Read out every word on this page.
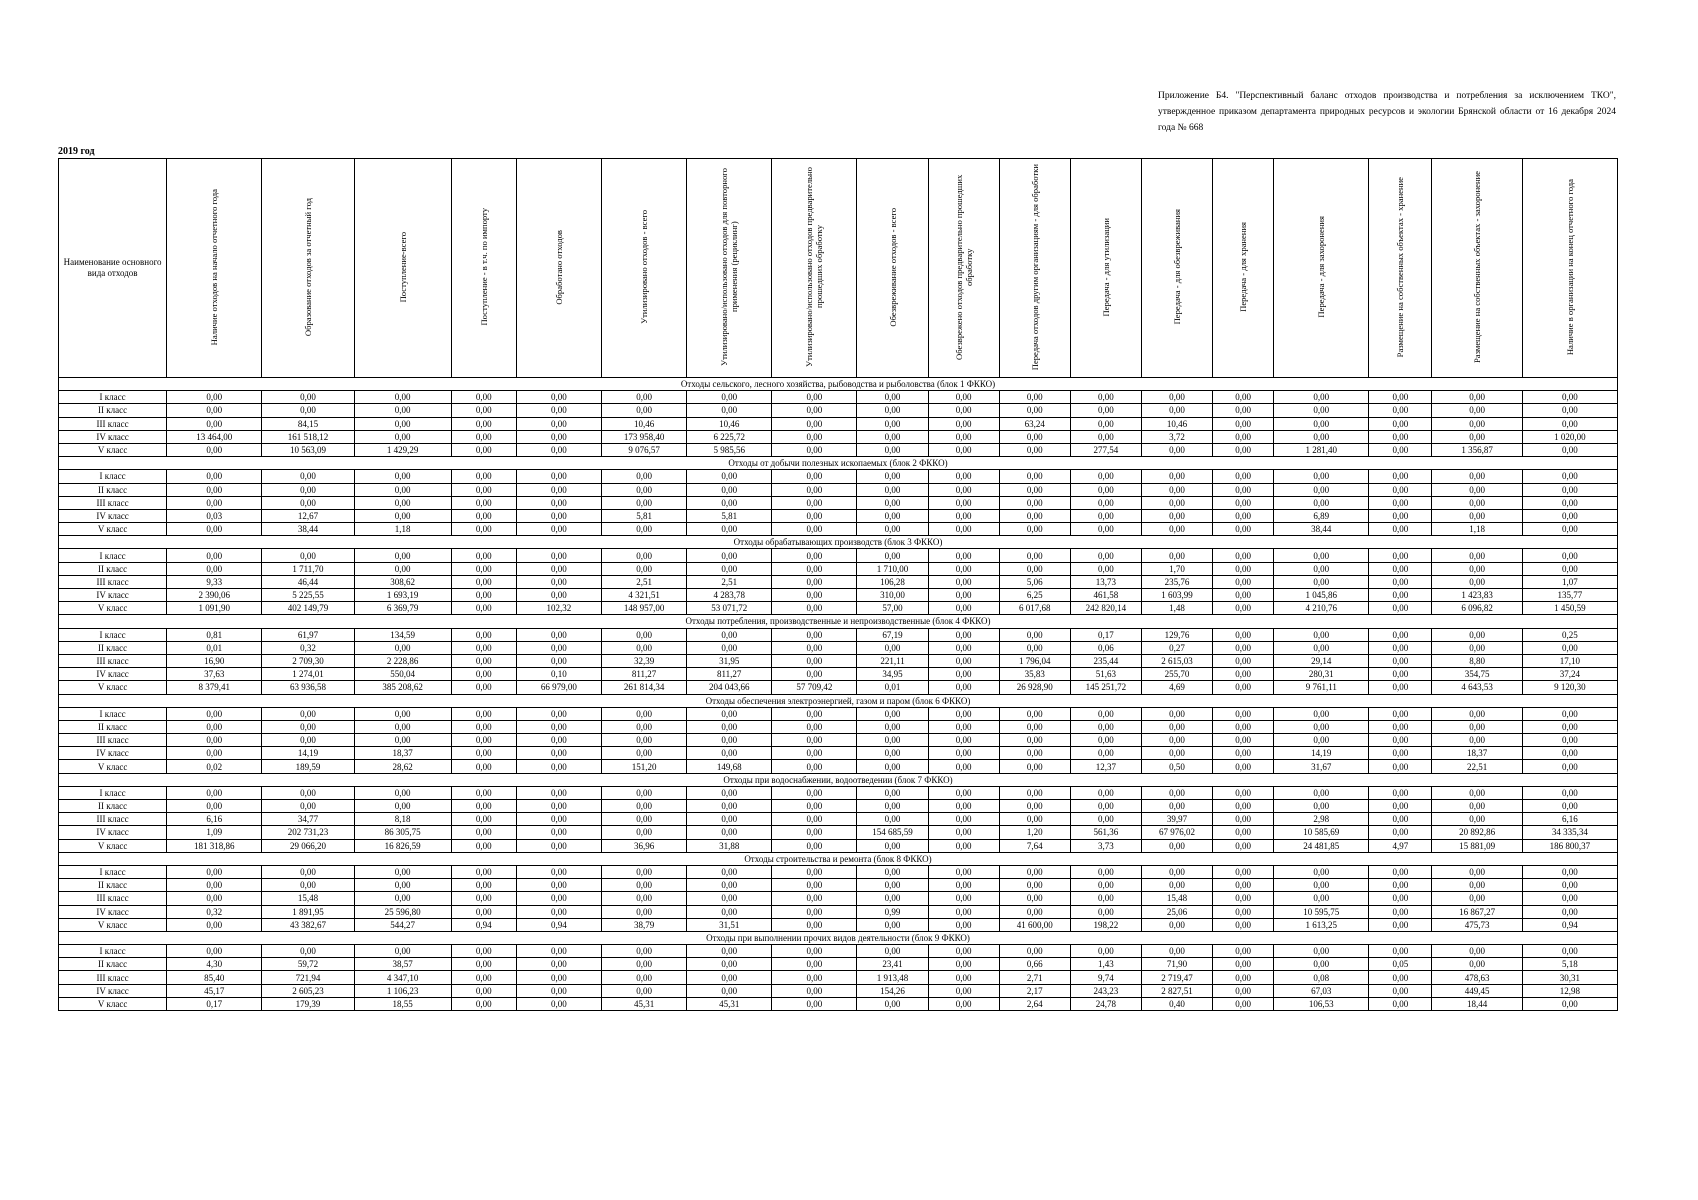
Приложение Б4. "Перспективный баланс отходов производства и потребления за исключением ТКО", утвержденное приказом департамента природных ресурсов и экологии Брянской области от 16 декабря 2024 года № 668
2019 год
Наименование основного вида отходов	Наличие отходов на начало отчетного года	Образование отходов за отчетный год	Поступление-всего	Поступление - в т.ч. по импорту	Обработано отходов	Утилизировано отходов - всего	Утилизировано/использовано отходов для повторного применения (рециклинг)	Утилизировано/использовано отходов предварительно прошедших обработку	Обезвреживание отходов - всего	Обезврежено отходов предварительно прошедших обработку	Передача отходов другим организациям - для обработки	Передача - для утилизации	Передача - для обезвреживания	Передача - для хранения	Передача - для захоронения	Размещение на собственных объектах - хранение	Размещение на собственных объектах - захоронение	Наличие в организации на конец отчетного года
Отходы сельского, лесного хозяйства, рыбоводства и рыболовства (блок 1 ФККО)																		
I класс	0,00	0,00	0,00	0,00	0,00	0,00	0,00	0,00	0,00	0,00	0,00	0,00	0,00	0,00	0,00	0,00	0,00	0,00
II класс	0,00	0,00	0,00	0,00	0,00	0,00	0,00	0,00	0,00	0,00	0,00	0,00	0,00	0,00	0,00	0,00	0,00	0,00
III класс	0,00	84,15	0,00	0,00	0,00	10,46	10,46	0,00	0,00	0,00	63,24	0,00	10,46	0,00	0,00	0,00	0,00	0,00
IV класс	13 464,00	161 518,12	0,00	0,00	0,00	173 958,40	6 225,72	0,00	0,00	0,00	0,00	0,00	3,72	0,00	0,00	0,00	0,00	1 020,00
V класс	0,00	10 563,09	1 429,29	0,00	0,00	9 076,57	5 985,56	0,00	0,00	0,00	0,00	277,54	0,00	0,00	1 281,40	0,00	1 356,87	0,00
Отходы от добычи полезных ископаемых (блок 2 ФККО)																		
I класс	0,00	0,00	0,00	0,00	0,00	0,00	0,00	0,00	0,00	0,00	0,00	0,00	0,00	0,00	0,00	0,00	0,00	0,00
II класс	0,00	0,00	0,00	0,00	0,00	0,00	0,00	0,00	0,00	0,00	0,00	0,00	0,00	0,00	0,00	0,00	0,00	0,00
III класс	0,00	0,00	0,00	0,00	0,00	0,00	0,00	0,00	0,00	0,00	0,00	0,00	0,00	0,00	0,00	0,00	0,00	0,00
IV класс	0,03	12,67	0,00	0,00	0,00	5,81	5,81	0,00	0,00	0,00	0,00	0,00	0,00	0,00	6,89	0,00	0,00	0,00
V класс	0,00	38,44	1,18	0,00	0,00	0,00	0,00	0,00	0,00	0,00	0,00	0,00	0,00	0,00	38,44	0,00	1,18	0,00
Отходы обрабатывающих производств (блок 3 ФККО)																		
I класс	0,00	0,00	0,00	0,00	0,00	0,00	0,00	0,00	0,00	0,00	0,00	0,00	0,00	0,00	0,00	0,00	0,00	0,00
II класс	0,00	1 711,70	0,00	0,00	0,00	0,00	0,00	0,00	1 710,00	0,00	0,00	0,00	1,70	0,00	0,00	0,00	0,00	0,00
III класс	9,33	46,44	308,62	0,00	0,00	2,51	2,51	0,00	106,28	0,00	5,06	13,73	235,76	0,00	0,00	0,00	0,00	1,07
IV класс	2 390,06	5 225,55	1 693,19	0,00	0,00	4 321,51	4 283,78	0,00	310,00	0,00	6,25	461,58	1 603,99	0,00	1 045,86	0,00	1 423,83	135,77
V класс	1 091,90	402 149,79	6 369,79	0,00	102,32	148 957,00	53 071,72	0,00	57,00	0,00	6 017,68	242 820,14	1,48	0,00	4 210,76	0,00	6 096,82	1 450,59
Отходы потребления, производственные и непроизводственные (блок 4 ФККО)																		
I класс	0,81	61,97	134,59	0,00	0,00	0,00	0,00	0,00	67,19	0,00	0,00	0,17	129,76	0,00	0,00	0,00	0,00	0,25
II класс	0,01	0,32	0,00	0,00	0,00	0,00	0,00	0,00	0,00	0,00	0,00	0,06	0,27	0,00	0,00	0,00	0,00	0,00
III класс	16,90	2 709,30	2 228,86	0,00	0,00	32,39	31,95	0,00	221,11	0,00	1 796,04	235,44	2 615,03	0,00	29,14	0,00	8,80	17,10
IV класс	37,63	1 274,01	550,04	0,00	0,10	811,27	811,27	0,00	34,95	0,00	35,83	51,63	255,70	0,00	280,31	0,00	354,75	37,24
V класс	8 379,41	63 936,58	385 208,62	0,00	66 979,00	261 814,34	204 043,66	57 709,42	0,01	0,00	26 928,90	145 251,72	4,69	0,00	9 761,11	0,00	4 643,53	9 120,30
Отходы обеспечения электроэнергией, газом и паром (блок 6 ФККО)																		
I класс	0,00	0,00	0,00	0,00	0,00	0,00	0,00	0,00	0,00	0,00	0,00	0,00	0,00	0,00	0,00	0,00	0,00	0,00
II класс	0,00	0,00	0,00	0,00	0,00	0,00	0,00	0,00	0,00	0,00	0,00	0,00	0,00	0,00	0,00	0,00	0,00	0,00
III класс	0,00	0,00	0,00	0,00	0,00	0,00	0,00	0,00	0,00	0,00	0,00	0,00	0,00	0,00	0,00	0,00	0,00	0,00
IV класс	0,00	14,19	18,37	0,00	0,00	0,00	0,00	0,00	0,00	0,00	0,00	0,00	0,00	0,00	14,19	0,00	18,37	0,00
V класс	0,02	189,59	28,62	0,00	0,00	151,20	149,68	0,00	0,00	0,00	0,00	12,37	0,50	0,00	31,67	0,00	22,51	0,00
Отходы при водоснабжении, водоотведении (блок 7 ФККО)																		
I класс	0,00	0,00	0,00	0,00	0,00	0,00	0,00	0,00	0,00	0,00	0,00	0,00	0,00	0,00	0,00	0,00	0,00	0,00
II класс	0,00	0,00	0,00	0,00	0,00	0,00	0,00	0,00	0,00	0,00	0,00	0,00	0,00	0,00	0,00	0,00	0,00	0,00
III класс	6,16	34,77	8,18	0,00	0,00	0,00	0,00	0,00	0,00	0,00	0,00	0,00	39,97	0,00	2,98	0,00	0,00	6,16
IV класс	1,09	202 731,23	86 305,75	0,00	0,00	0,00	0,00	0,00	154 685,59	0,00	1,20	561,36	67 976,02	0,00	10 585,69	0,00	20 892,86	34 335,34
V класс	181 318,86	29 066,20	16 826,59	0,00	0,00	36,96	31,88	0,00	0,00	0,00	7,64	3,73	0,00	0,00	24 481,85	4,97	15 881,09	186 800,37
Отходы строительства и ремонта (блок 8 ФККО)																		
I класс	0,00	0,00	0,00	0,00	0,00	0,00	0,00	0,00	0,00	0,00	0,00	0,00	0,00	0,00	0,00	0,00	0,00	0,00
II класс	0,00	0,00	0,00	0,00	0,00	0,00	0,00	0,00	0,00	0,00	0,00	0,00	0,00	0,00	0,00	0,00	0,00	0,00
III класс	0,00	15,48	0,00	0,00	0,00	0,00	0,00	0,00	0,00	0,00	0,00	0,00	15,48	0,00	0,00	0,00	0,00	0,00
IV класс	0,32	1 891,95	25 596,80	0,00	0,00	0,00	0,00	0,00	0,99	0,00	0,00	0,00	25,06	0,00	10 595,75	0,00	16 867,27	0,00
V класс	0,00	43 382,67	544,27	0,94	0,94	38,79	31,51	0,00	0,00	0,00	41 600,00	198,22	0,00	0,00	1 613,25	0,00	475,73	0,94
Отходы при выполнении прочих видов деятельности (блок 9 ФККО)																		
I класс	0,00	0,00	0,00	0,00	0,00	0,00	0,00	0,00	0,00	0,00	0,00	0,00	0,00	0,00	0,00	0,00	0,00	0,00
II класс	4,30	59,72	38,57	0,00	0,00	0,00	0,00	0,00	23,41	0,00	0,66	1,43	71,90	0,00	0,00	0,05	0,00	5,18
III класс	85,40	721,94	4 347,10	0,00	0,00	0,00	0,00	0,00	1 913,48	0,00	2,71	9,74	2 719,47	0,00	0,08	0,00	478,63	30,31
IV класс	45,17	2 605,23	1 106,23	0,00	0,00	0,00	0,00	0,00	154,26	0,00	2,17	243,23	2 827,51	0,00	67,03	0,00	449,45	12,98
V класс	0,17	179,39	18,55	0,00	0,00	45,31	45,31	0,00	0,00	0,00	2,64	24,78	0,40	0,00	106,53	0,00	18,44	0,00
